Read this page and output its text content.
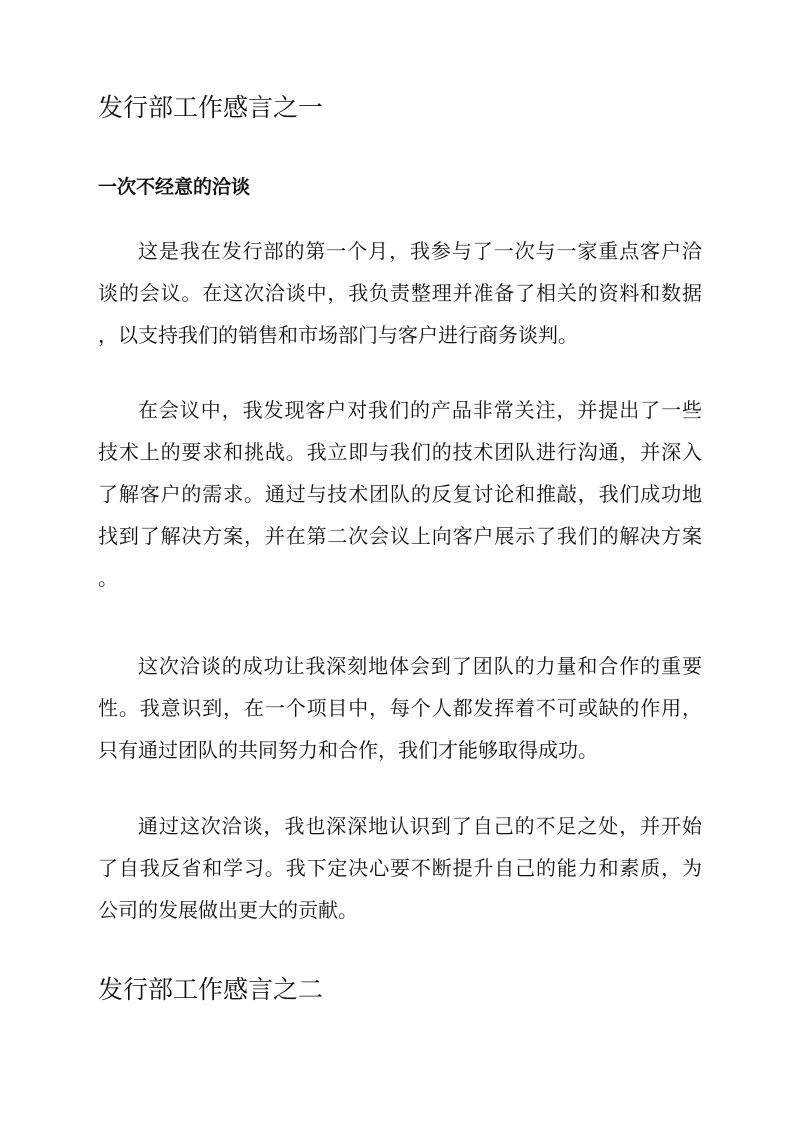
发行部工作感言之一
一次不经意的洽谈
这是我在发行部的第一个月，我参与了一次与一家重点客户洽
谈的会议。在这次洽谈中，我负责整理并准备了相关的资料和数据
，以支持我们的销售和市场部门与客户进行商务谈判。
在会议中，我发现客户对我们的产品非常关注，并提出了一些
技术上的要求和挑战。我立即与我们的技术团队进行沟通，并深入
了解客户的需求。通过与技术团队的反复讨论和推敲，我们成功地
找到了解决方案，并在第二次会议上向客户展示了我们的解决方案
。
这次洽谈的成功让我深刻地体会到了团队的力量和合作的重要
性。我意识到，在一个项目中，每个人都发挥着不可或缺的作用，
只有通过团队的共同努力和合作，我们才能够取得成功。
通过这次洽谈，我也深深地认识到了自己的不足之处，并开始
了自我反省和学习。我下定决心要不断提升自己的能力和素质，为
公司的发展做出更大的贡献。
发行部工作感言之二
